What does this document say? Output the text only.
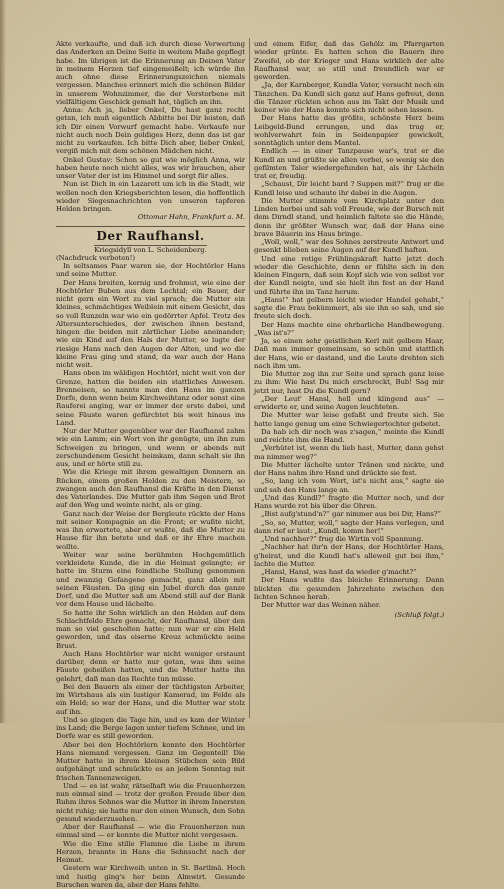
Akte verkaufte, und daß ich durch diese Verwertung das Anderken an Deine Seite in weitem Maße gepflegt habe. Im übrigen ist die Erinnerung an Deinen Vater in meinem Herzen tief eingemeißelt; ich würde ihn auch ohne diese Erinnerungszeichen niemals vergessen. Manches erinnert mich die schönen Bilder in unserem Wohnzimmer, die der Verstorbene mit vielfältigem Geschick gemalt hat, täglich an ihn.

Anna: Ach ja, lieber Onkel, Du hast ganz recht getan, ich muß eigentlich Abbitte bei Dir leisten, daß ich Dir einen Vorwurf gemacht habe. Verkaufe nur nicht auch noch Dein goldiges Herz, denn das ist gar nicht zu verkaufen. Ich bitte Dich aber, lieber Onkel, vergiß mich mit dem schönen Mädchen nicht.

Onkel Gustav: Schon so gut wie möglich Anna, wir haben heute noch nicht alles, was wir brauchen, aber unser Vater der ist im Himmel und sorgt für alles.

Nun ist Dich in ein Lazarett um ich in die Stadt, wir wollen noch den Kriegsberichten lesen, die hoffentlich wieder Siegesnachrichten von unseren tapferen Helden bringen.

Ottomar Hahn, Frankfurt a. M.

Der Raufhansl.

Kriegsidyll von L. Scheidenberg.

(Nachdruck verboten!)

In seltsames Paar waren sie, der Hochtörler Hans und seine Mutter.

Der Hans breiten, kernig und frohmut, wie eine der Hochtörler Buben aus dem Lechtal; ein Bauer, der nicht gern ein Wort zu viel sprach; die Mutter ein kleines, schmächtiges Weiblein mit einem Gesicht, das so voll Runzeln war wie ein gedörrter Apfel. Trotz des Altersunterschiedes, der zwischen ihnen bestand, hingen die beiden mit zärtlicher Liebe aneinander; wie ein Kind auf den Hals der Mutter, so lugte der riesige Hans nach den Augen der Alten, und wo die kleine Frau ging und stand, da war auch der Hans nicht weit.

Hans oben im wäldigen Hochtörl, nicht weit von der Grenze, hatten die beiden ein stattliches Anwesen. Brenneisen, so nannte man den Hans im ganzen Dorfe, denn wenn beim Kirchweihtanz oder sonst eine Rauferei anging, war er immer der erste dabei, und seine Fäuste waren gefürchtet bis weit hinaus ins Land.

Nur der Mutter gegenüber war der Raufhansl zahm wie ein Lamm; ein Wort von ihr genügte, um ihn zum Schweigen zu bringen, und wenn er abends mit zerschundenem Gesicht heimkam, dann schalt sie ihn aus, und er hörte still zu.

Wie die Kriege mit ihrem gewaltigen Donnern an Rücken, einem großen Helden zu den Meistern, so zwangen auch den Raufhansl die Kräfte in den Dienst des Vaterlandes. Die Mutter gab ihm Segen und Brot auf den Weg und weinte nicht, als er ging.

Ganz nach der Weise der Bergleute rückte der Hans mit seiner Kompagnie an die Front; er wußte nicht, was ihn erwartete, aber er wußte, daß die Mutter zu Hause für ihn betete und daß er ihr Ehre machen wollte.

Weiter war seine berühmten Hochgemütlich verkleidete Kunde, die in die Heimat gelangte; er hatte im Sturm eine feindliche Stellung genommen und zwanzig Gefangene gemacht, ganz allein mit seinen Fäusten. Da ging ein Jubel durch das ganze Dorf, und die Mutter saß am Abend still auf der Bank vor dem Hause und lächelte.

So hatte ihr Sohn wirklich an den Helden auf dem Schlachtfelde Ehre gemacht, der Raufhansl, über den man so viel gescholten hatte; nun war er ein Held geworden, und das eiserne Kreuz schmückte seine Brust.

Auch Hans Hochtörler war nicht weniger erstaunt darüber, denn er hatte nur getan, was ihm seine Fäuste geheißen hatten, und die Mutter hatte ihn gelehrt, daß man das Rechte tun müsse.

Bei den Bauern als einer der tüchtigsten Arbeiter, im Wirtshaus als ein lustiger Kamerad, im Felde als ein Held; so war der Hans, und die Mutter war stolz auf ihn.

Und so gingen die Tage hin, und es kam der Winter ins Land; die Berge lagen unter tiefem Schnee, und im Dorfe war es still geworden.

Aber bei den Hochtörlern konnte den Hochtörler Hans niemand vergessen. Ganz im Gegenteil! Die Mutter hatte in ihrem kleinen Stübchen sein Bild aufgehängt und schmückte es an jedem Sonntag mit frischen Tannenzweigen.

Und — es ist wahr, rätselhaft wie die Frauenherzen nun einmal sind — trotz der großen Freude über den Ruhm ihres Sohnes war die Mutter in ihrem Innersten nicht ruhig; sie hatte nur den einen Wunsch, den Sohn gesund wiederzusehen.

Aber der Raufhansl — wie die Frauenherzen nun einmal sind — er konnte die Mutter nicht vergessen.

Wie die Eine stille Flamme die Liebe in ihrem Herzen, brannte in Hans die Sehnsucht nach der Heimat.

Gestern war Kirchweih unten in St. Bartlmä. Hoch und lustig ging's her beim Almwirt. Gesunde Burschen waren da, aber der Hans fehlte.

und einem Eifer, daß das Gehölz im Pfarrgarten wieder grünte. Es hatten schon die Bauern ihre Zweifel, ob der Krieger und Hans wirklich der alte Raufhansl war, so still und freundlich war er geworden.

„Ja, der Karnberger, Kundla Vater, versucht noch ein Tänzchen. Da Kundl sich ganz auf Hans gefreut, denn die Tänzer rückten schon aus im Takt der Musik und keiner wie der Hans konnte sich nicht sehen lassen.

Der Hans hatte das größte, schönste Herz beim Leibgeld-Bund errungen, und das trug er, wohlverwahrt fein in Seidenpapier gewickelt, sonntäglich unter dem Mantel.

Endlich — in einer Tanzpause war's, trat er die Kundl an und grüßte sie allen vorbei, so wenig sie den gefilmten Taler wiedergefunden hat, als ihr Lächeln trat er, freudig.

„Schaust, Dir leicht bard ? Suppen mit?“ frug er die Kundl leise und schaute ihr dabei in die Augen.

Die Mutter stimmte vom Kirchplatz unter den Linden herbei und sah voll Freude, wie der Bursch mit dem Dirndl stand, und heimlich faltete sie die Hände, denn ihr größter Wunsch war, daß der Hans eine brave Bäuerin ins Haus bringe.

„Woll, woll,“ war des Sohnes zerstreute Antwort und gesenkt blieben seine Augen auf der Kundl haften.

Und eine rotige Frühlingskraft hatte jetzt doch wieder die Geschichte, denn er fühlte sich in den kleinen Fingern, daß sein Kopf sich wie von selbst vor der Kundl neigte, und sie hielt ihn fest an der Hand und führte ihn im Tanz herum.

„Hans!“ hat gelbern leicht wieder Handel gehabt,“ sagte die Frau bekümmert, als sie ihn so sah, und sie freute sich doch.

Der Hans machte eine ehrbarliche Handbewegung. „Was ist's?“

Ja, so einen sehr geistlichen Kerl mit gelbem Haar, Daß man immer gemeinsam, so schön und stattlich der Hans, wie er dastand, und die Leute drehten sich nach ihm um.

Die Mutter zog ihn zur Seite und sprach ganz leise zu ihm: Wie hast Du mich erschreckt, Bub! Sag mir jetzt nur, hast Du die Kundl gern?

„Der Leut' Hansl, hell und klingend aus“ — erwiderte er, und seine Augen leuchteten.

Die Mutter war leise gefaßt und freute sich. Sie hatte lange genug um eine Schwiegertochter gebetet.

Da hab ich dir noch was z'sagen,“ meinte die Kundl und reichte ihm die Hand.

„Verhütet ist, wenn du lieb hast, Mutter, dann gehst ma nimmer weg?“

Die Mutter lächelte unter Tränen und nickte, und der Hans nahm ihre Hand und drückte sie fest.

„So, lang ich vom Wort, ist's nicht aus,“ sagte sie und sah den Hans lange an.

„Und das Kundl?“ fragte die Mutter noch, und der Hans wurde rot bis über die Ohren.

„Bist aufg'stund'n?“ gar nimmer aus bei Dir, Hans?“

„So, so, Mutter, woll,“ sagte der Hans verlegen, und dann rief er laut: „Kundl, komm her!“

„Und nachher?“ frug die Wirtin voll Spannung.

„Nachher hat ihr'n der Hans, der Hochtörler Hans, g'heirat, und die Kundl hat's alleweil gut bei ihm,“ lachte die Mutter.

„Hansl, Hansl, was hast da wieder g'macht?“

Der Hans wußte das bleiche Erinnerung. Dann blickten die gesunden Jahrzehnte zwischen den lichten Schnee herab.

Der Mutter war das Weinen näher.

(Schluß folgt.)
